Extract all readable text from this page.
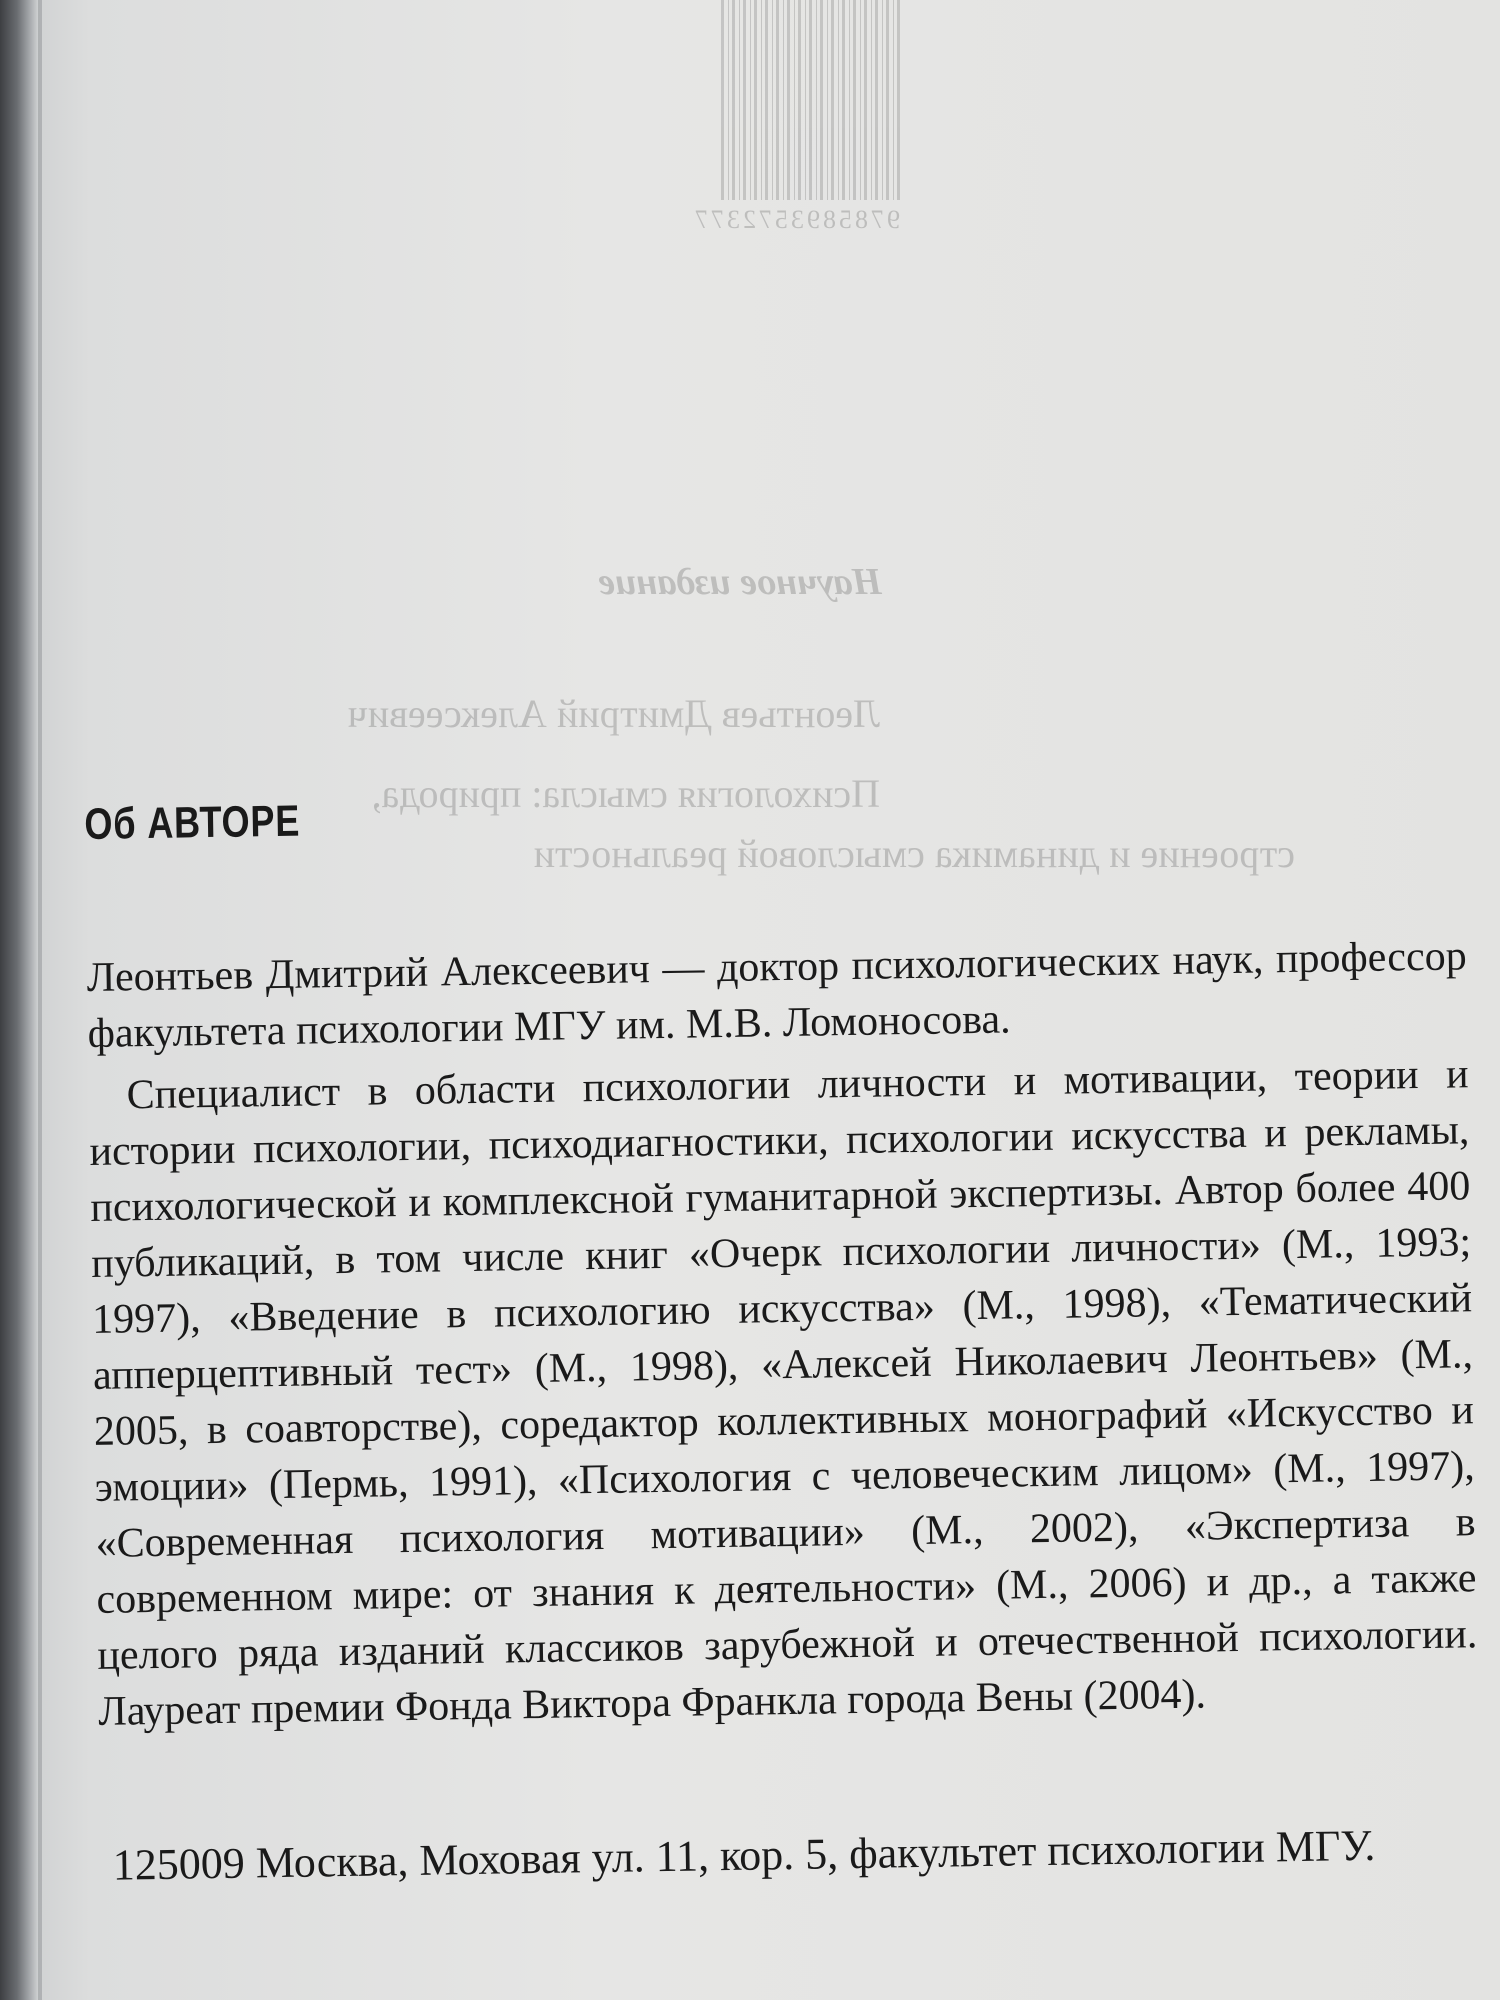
9785893572377
Научное издание
Леонтьев Дмитрий Алексеевич
Психология смысла: природа,
строение и динамика смысловой реальности
Об АВТОРЕ

Леонтьев Дмитрий Алексеевич — доктор психологических наук, профессор факультета психологии МГУ им. М.В. Ломоносова.

Специалист в области психологии личности и мотивации, теории и истории психологии, психодиагностики, психологии искусства и рекламы, психологической и комплексной гуманитарной экспертизы. Автор более 400 публикаций, в том числе книг «Очерк психологии личности» (М., 1993; 1997), «Введение в психологию искусства» (М., 1998), «Тематический апперцептивный тест» (М., 1998), «Алексей Николаевич Леонтьев» (М., 2005, в соавторстве), соредактор коллективных монографий «Искусство и эмоции» (Пермь, 1991), «Психология с человеческим лицом» (М., 1997), «Современная психология мотивации» (М., 2002), «Экспертиза в современном мире: от знания к деятельности» (М., 2006) и др., а также целого ряда изданий классиков зарубежной и отечественной психологии. Лауреат премии Фонда Виктора Франкла города Вены (2004).

125009 Москва, Моховая ул. 11, кор. 5, факультет психологии МГУ.
